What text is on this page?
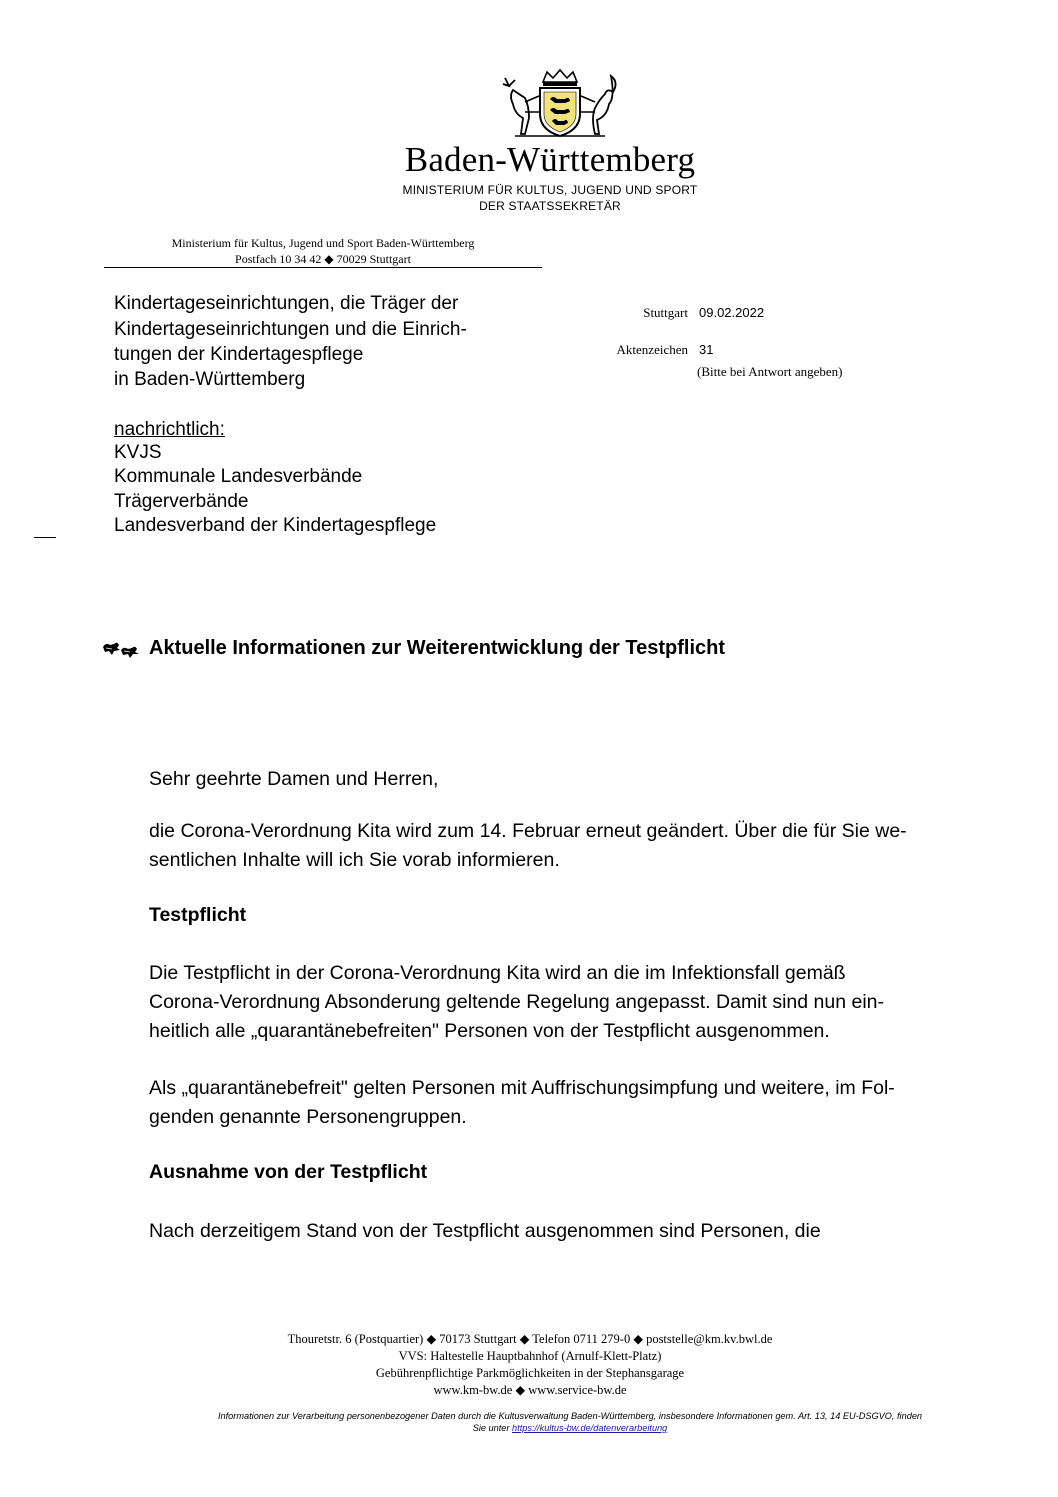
Baden-Württemberg
MINISTERIUM FÜR KULTUS, JUGEND UND SPORT
DER STAATSSEKRETÄR
Ministerium für Kultus, Jugend und Sport Baden-Württemberg
Postfach 10 34 42 ◆ 70029 Stuttgart
Kindertageseinrichtungen, die Träger der
Kindertageseinrichtungen und die Einrich-
tungen der Kindertagespflege
in Baden-Württemberg
nachrichtlich:
KVJS
Kommunale Landesverbände
Trägerverbände
Landesverband der Kindertagespflege
Stuttgart 09.02.2022
Aktenzeichen 31
(Bitte bei Antwort angeben)
Aktuelle Informationen zur Weiterentwicklung der Testpflicht
Sehr geehrte Damen und Herren,
die Corona-Verordnung Kita wird zum 14. Februar erneut geändert. Über die für Sie we-
sentlichen Inhalte will ich Sie vorab informieren.
Testpflicht
Die Testpflicht in der Corona-Verordnung Kita wird an die im Infektionsfall gemäß
Corona-Verordnung Absonderung geltende Regelung angepasst. Damit sind nun ein-
heitlich alle „quarantänebefreiten" Personen von der Testpflicht ausgenommen.
Als „quarantänebefreit" gelten Personen mit Auffrischungsimpfung und weitere, im Fol-
genden genannte Personengruppen.
Ausnahme von der Testpflicht
Nach derzeitigem Stand von der Testpflicht ausgenommen sind Personen, die
Thouretstr. 6 (Postquartier) ◆ 70173 Stuttgart ◆ Telefon 0711 279-0 ◆ poststelle@km.kv.bwl.de
VVS: Haltestelle Hauptbahnhof (Arnulf-Klett-Platz)
Gebührenpflichtige Parkmöglichkeiten in der Stephansgarage
www.km-bw.de ◆ www.service-bw.de
Informationen zur Verarbeitung personenbezogener Daten durch die Kultusverwaltung Baden-Württemberg, insbesondere Informationen gem. Art. 13, 14 EU-DSGVO, finden
Sie unter https://kultus-bw.de/datenverarbeitung
